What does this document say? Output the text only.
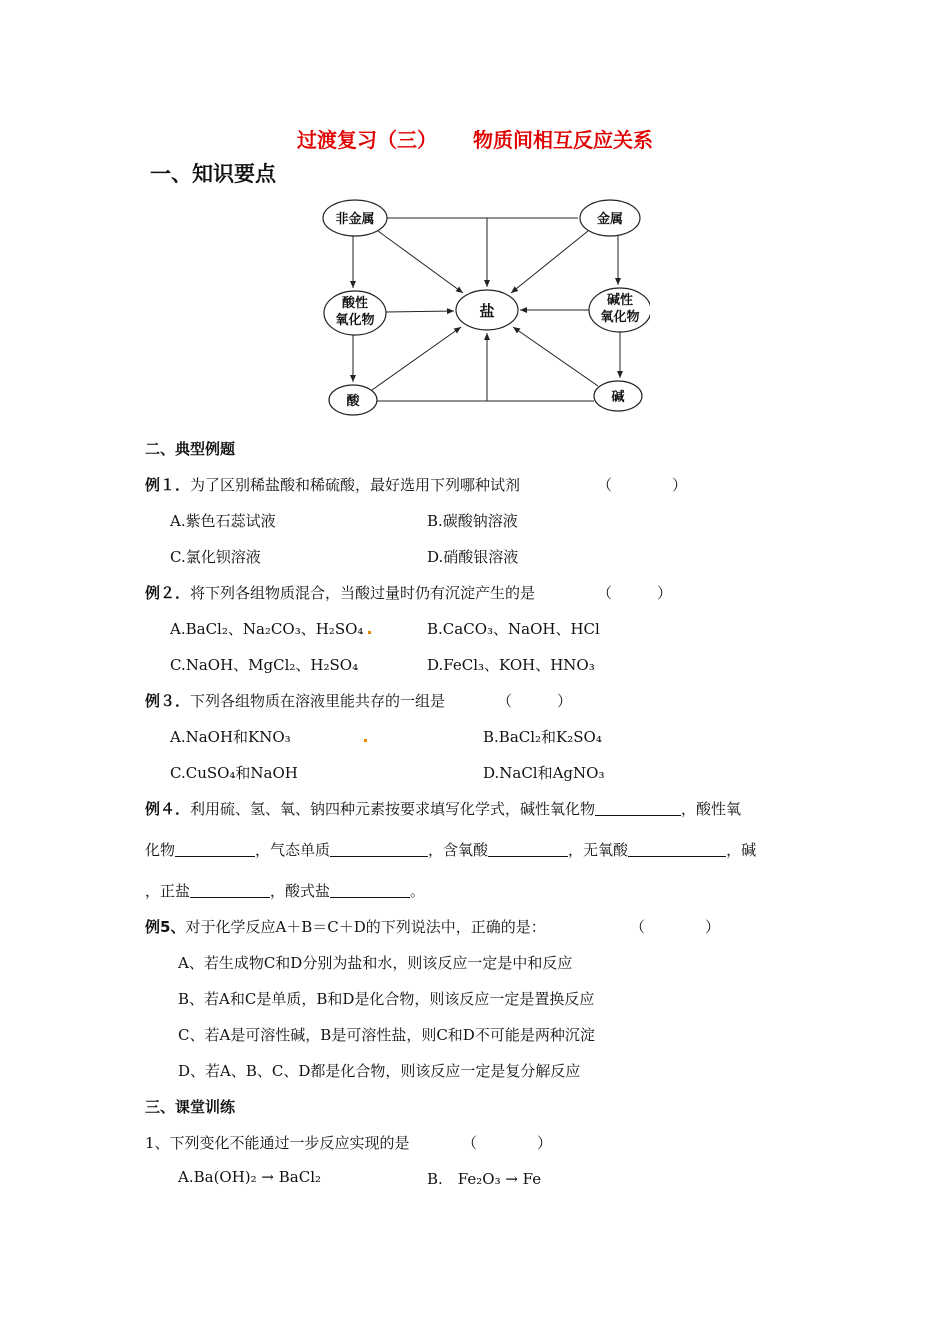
过渡复习（三） 物质间相互反应关系
一、知识要点
非金属	金属
盐
酸性
氧化物
碱性
氧化物
酸	碱
二、典型例题
例１．为了区别稀盐酸和稀硫酸，最好选用下列哪种试剂	（　　　　）
A.紫色石蕊试液	B.碳酸钠溶液
C.氯化钡溶液	D.硝酸银溶液
例２．将下列各组物质混合，当酸过量时仍有沉淀产生的是	（　　　）
A.BaCl₂、Na₂CO₃、H₂SO₄	B.CaCO₃、NaOH、HCl
C.NaOH、MgCl₂、H₂SO₄	D.FeCl₃、KOH、HNO₃
例３．下列各组物质在溶液里能共存的一组是	（　　　）
A.NaOH和KNO₃	B.BaCl₂和K₂SO₄
C.CuSO₄和NaOH	D.NaCl和AgNO₃
例４．利用硫、氢、氧、钠四种元素按要求填写化学式，碱性氧化物	，酸性氧
化物	，气态单质	，含氧酸	，无氧酸	，碱
，正盐	，酸式盐	。
例5、对于化学反应A＋B＝C＋D的下列说法中，正确的是：	（　　　　）
A、若生成物C和D分别为盐和水，则该反应一定是中和反应
B、若A和C是单质，B和D是化合物，则该反应一定是置换反应
C、若A是可溶性碱，B是可溶性盐，则C和D不可能是两种沉淀
D、若A、B、C、D都是化合物，则该反应一定是复分解反应
三、课堂训练
1、下列变化不能通过一步反应实现的是	（　　　　）
A.Ba(OH)₂ → BaCl₂	B.　Fe₂O₃ → Fe
